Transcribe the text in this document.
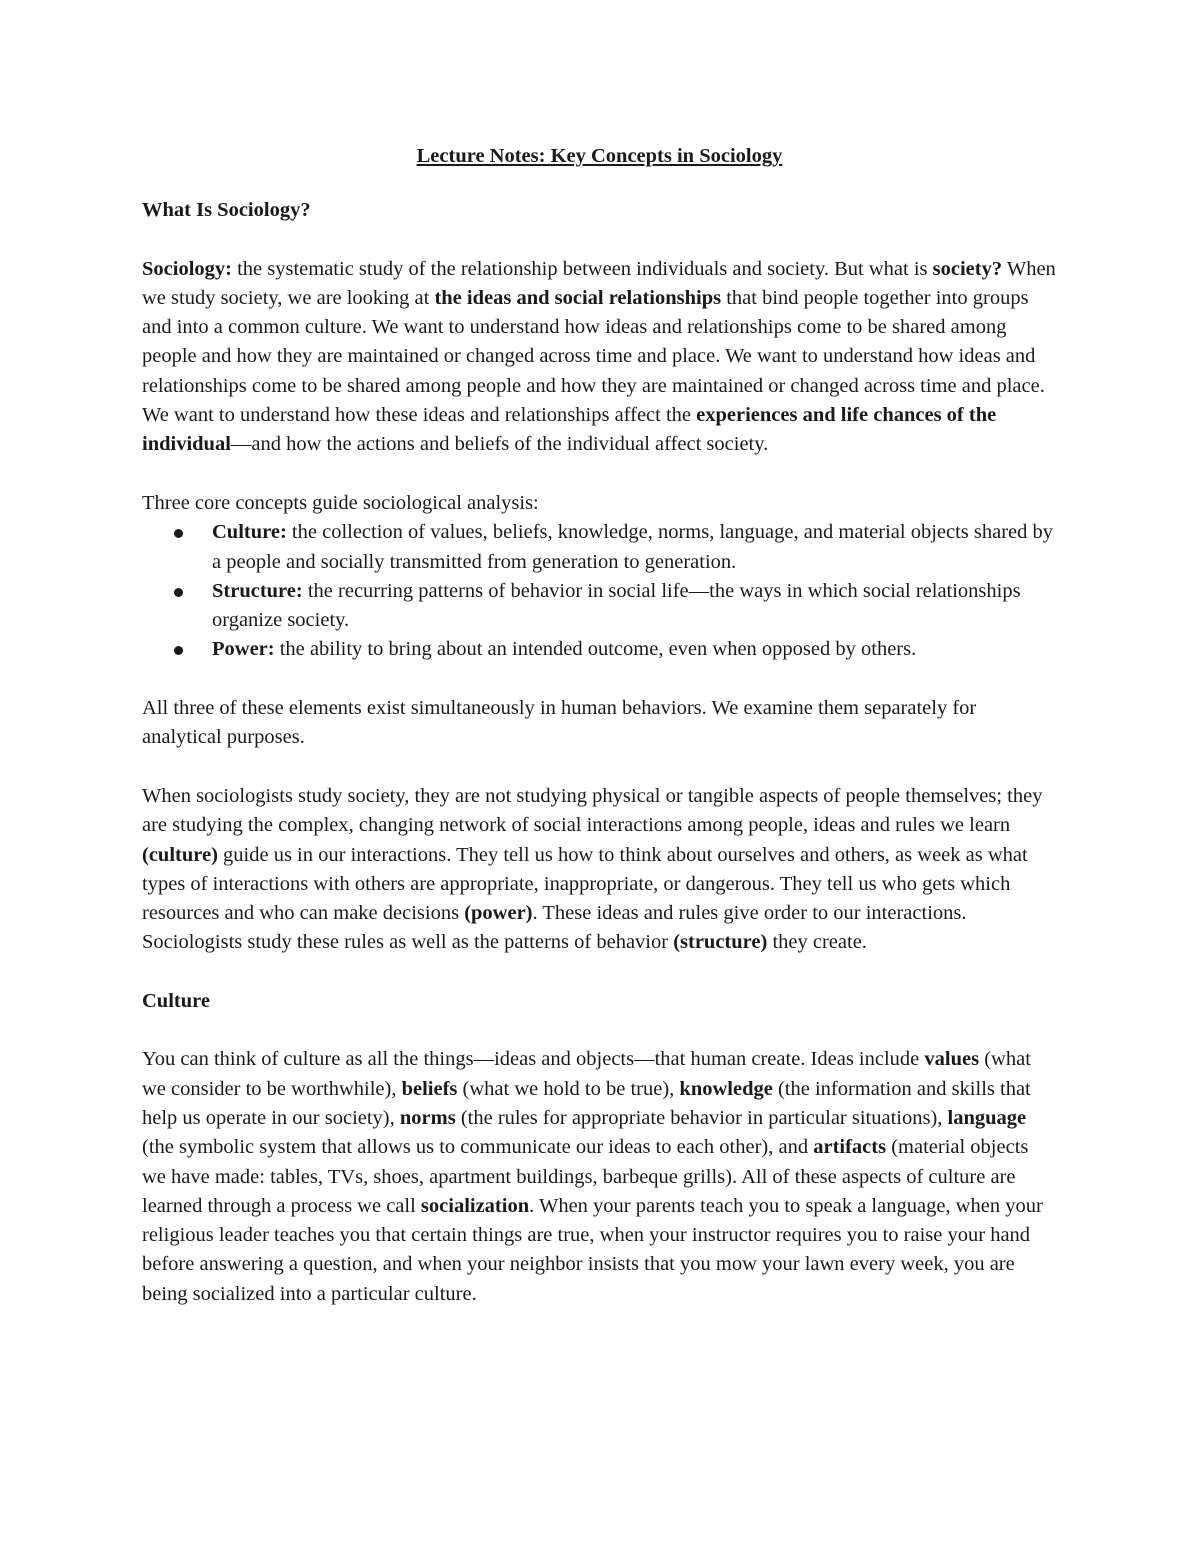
Lecture Notes: Key Concepts in Sociology
What Is Sociology?

Sociology: the systematic study of the relationship between individuals and society. But what is society? When we study society, we are looking at the ideas and social relationships that bind people together into groups and into a common culture. We want to understand how ideas and relationships come to be shared among people and how they are maintained or changed across time and place. We want to understand how ideas and relationships come to be shared among people and how they are maintained or changed across time and place. We want to understand how these ideas and relationships affect the experiences and life chances of the individual—and how the actions and beliefs of the individual affect society.

Three core concepts guide sociological analysis:

Culture: the collection of values, beliefs, knowledge, norms, language, and material objects shared by a people and socially transmitted from generation to generation.
Structure: the recurring patterns of behavior in social life—the ways in which social relationships organize society.
Power: the ability to bring about an intended outcome, even when opposed by others.

All three of these elements exist simultaneously in human behaviors. We examine them separately for analytical purposes.

When sociologists study society, they are not studying physical or tangible aspects of people themselves; they are studying the complex, changing network of social interactions among people, ideas and rules we learn (culture) guide us in our interactions. They tell us how to think about ourselves and others, as week as what types of interactions with others are appropriate, inappropriate, or dangerous. They tell us who gets which resources and who can make decisions (power). These ideas and rules give order to our interactions. Sociologists study these rules as well as the patterns of behavior (structure) they create.

Culture

You can think of culture as all the things—ideas and objects—that human create. Ideas include values (what we consider to be worthwhile), beliefs (what we hold to be true), knowledge (the information and skills that help us operate in our society), norms (the rules for appropriate behavior in particular situations), language (the symbolic system that allows us to communicate our ideas to each other), and artifacts (material objects we have made: tables, TVs, shoes, apartment buildings, barbeque grills). All of these aspects of culture are learned through a process we call socialization. When your parents teach you to speak a language, when your religious leader teaches you that certain things are true, when your instructor requires you to raise your hand before answering a question, and when your neighbor insists that you mow your lawn every week, you are being socialized into a particular culture.
